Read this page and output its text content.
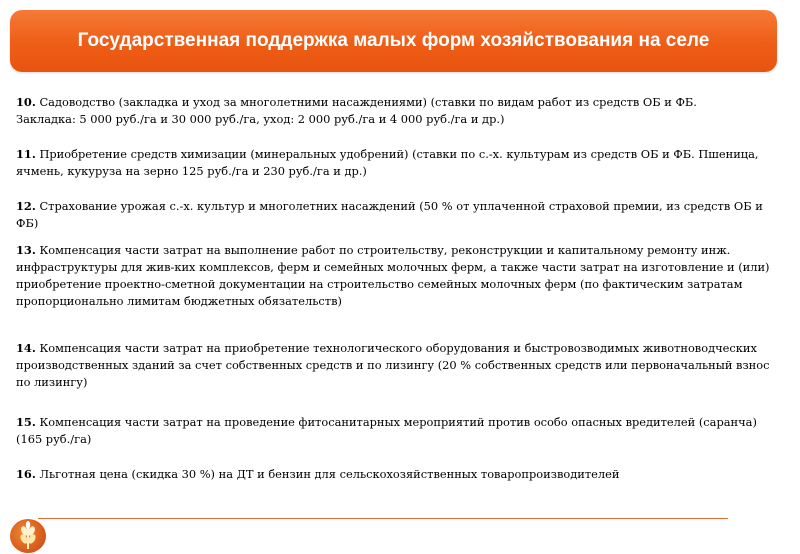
Государственная поддержка малых форм хозяйствования на селе
10. Садоводство (закладка и уход за многолетними насаждениями) (ставки по видам работ из средств ОБ и ФБ.
Закладка: 5 000 руб./га и 30 000 руб./га, уход: 2 000 руб./га и 4 000 руб./га и др.)
11. Приобретение средств химизации (минеральных удобрений) (ставки по с.-х. культурам из средств ОБ и ФБ. Пшеница,
ячмень, кукуруза на зерно 125 руб./га и 230 руб./га и др.)
12. Страхование урожая с.-х. культур и многолетних насаждений (50 % от уплаченной страховой премии, из средств ОБ и
ФБ)
13. Компенсация части затрат на выполнение работ по строительству, реконструкции и капитальному ремонту инж.
инфраструктуры для жив-ких комплексов, ферм и семейных молочных ферм, а также части затрат на изготовление и (или)
приобретение проектно-сметной документации на строительство семейных молочных ферм (по фактическим затратам
пропорционально лимитам бюджетных обязательств)
14. Компенсация части затрат на приобретение технологического оборудования и быстровозводимых животноводческих
производственных зданий за счет собственных средств и по лизингу (20 % собственных средств или первоначальный взнос
по лизингу)
15. Компенсация части затрат на проведение фитосанитарных мероприятий против особо опасных вредителей (саранча)
(165 руб./га)
16. Льготная цена (скидка 30 %) на ДТ и бензин для сельскохозяйственных товаропроизводителей
